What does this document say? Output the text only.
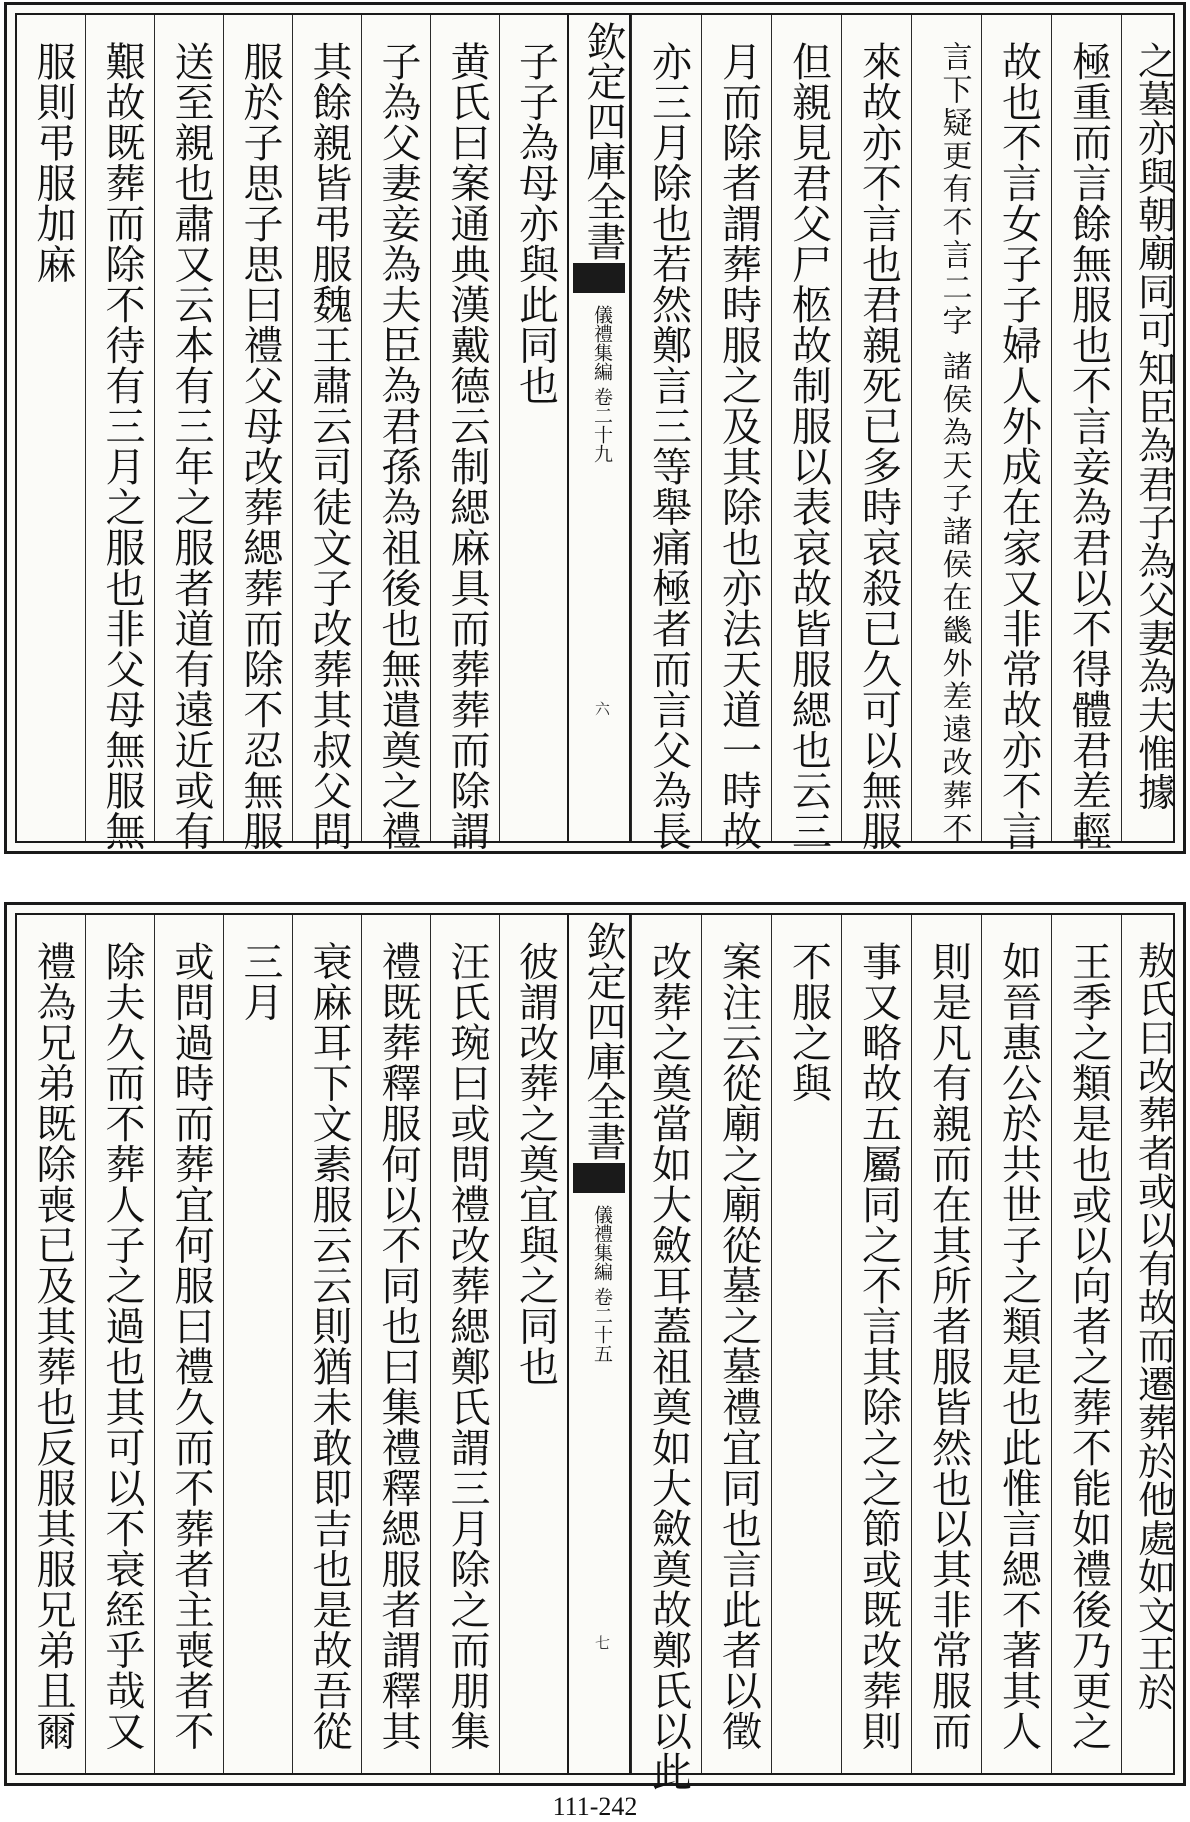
服則弔服加麻 艱故既葬而除不待有三月之服也非父母無服無 送至親也肅又云本有三年之服者道有遠近或有 服於子思子思曰禮父母改葬緦葬而除不忍無服 其餘親皆弔服魏王肅云司徒文子改葬其叔父問 子為父妻妾為夫臣為君孫為祖後也無遣奠之禮 黄氏曰案通典漢戴德云制緦麻具而葬葬而除謂 子子為母亦與此同也 欽定四庫全書
儀禮集編
卷二十九
六 亦三月除也若然鄭言三等舉痛極者而言父為長 月而除者謂葬時服之及其除也亦法天道一時故 但親見君父尸柩故制服以表哀故皆服緦也云三 來故亦不言也君親死已多時哀殺已久可以無服	言下疑更有不言二字 諸侯為天子諸侯在畿外差遠改葬不 故也不言女子子婦人外成在家又非常故亦不言 極重而言餘無服也不言妾為君以不得體君差輕 之墓亦與朝廟同可知臣為君子為父妻為夫惟據
禮為兄弟既除喪已及其葬也反服其服兄弟且爾 除夫久而不葬人子之過也其可以不衰絰乎哉又 或問過時而葬宜何服曰禮久而不葬者主喪者不 三月 衰麻耳下文素服云云則猶未敢即吉也是故吾從 禮既葬釋服何以不同也曰集禮釋緦服者謂釋其 汪氏琬曰或問禮改葬緦鄭氏謂三月除之而朋集 彼謂改葬之奠宜與之同也 欽定四庫全書
儀禮集編
卷二十五
七 改葬之奠當如大斂耳蓋祖奠如大斂奠故鄭氏以此 案注云從廟之廟從墓之墓禮宜同也言此者以徵 不服之與 事又略故五屬同之不言其除之之節或既改葬則 則是凡有親而在其所者服皆然也以其非常服而 如晉惠公於共世子之類是也此惟言緦不著其人 王季之類是也或以向者之葬不能如禮後乃更之 敖氏曰改葬者或以有故而遷葬於他處如文王於
111-242
